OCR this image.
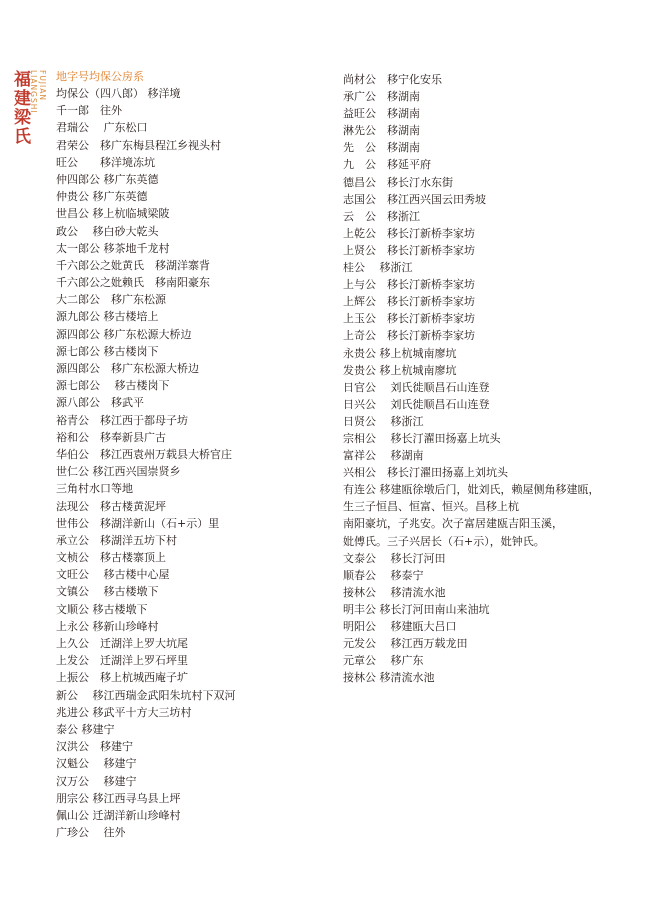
福建梁氏	FUJIAN LIANGSHI	地字号均保公房系
均保公（四八郎） 移洋境
千一郎　往外
君瑞公　 广东松口
君荣公　移广东梅县程江乡视头村
旺公　　移洋境冻坑
仲四郎公 移广东英德
仲贵公 移广东英德
世昌公 移上杭临城梁陂
政公　 移白砂大乾头
太一郎公 移茶地千龙村
千六郎公之妣黄氏　移湖洋寨背
千六郎公之妣赖氏　移南阳豪东
大二郎公　移广东松源
源九郎公 移古楼培上
源四郎公 移广东松源大桥边
源七郎公 移古楼岗下
源四郎公　移广东松源大桥边
源七郎公　 移古楼岗下
源八郎公　移武平
裕青公　移江西于都母子坊
裕和公　移奉新县广古
华伯公　移江西袁州万载县大桥官庄
世仁公 移江西兴国崇贤乡
三角村水口等地
法现公　移古楼黄泥坪
世伟公　移湖洋新山（石+示）里
承立公　移湖洋五坊下村
文桢公　移古楼寨顶上
文旺公　 移古楼中心屋
文镇公　 移古楼墩下
文顺公 移古楼墩下
上永公 移新山珍峰村
上久公　迁湖洋上罗大坑尾
上发公　迁湖洋上罗石坪里
上振公　移上杭城西庵子圹
新公　 移江西瑞金武阳朱坑村下双河
兆进公 移武平十方大三坊村
泰公 移建宁
汉洪公　移建宁
汉魁公　 移建宁
汉万公　 移建宁
朋宗公 移江西寻乌县上坪
佩山公 迁湖洋新山珍峰村
广珍公　 往外
尚材公　移宁化安乐
承广公　移湖南
益旺公　移湖南
淋先公　移湖南
先　公　移湖南
九　公　移延平府
德昌公　移长汀水东街
志国公　移江西兴国云田秀坡
云　公　移浙江
上乾公　移长汀新桥李家坊
上贤公　移长汀新桥李家坊
桂公　 移浙江
上与公　移长汀新桥李家坊
上辉公　移长汀新桥李家坊
上玉公　移长汀新桥李家坊
上奇公　移长汀新桥李家坊
永贵公 移上杭城南廖坑
发贵公 移上杭城南廖坑
日官公　 刘氏徙顺昌石山连登
日兴公　 刘氏徙顺昌石山连登
日贤公　 移浙江
宗相公　 移长汀濯田扬嘉上坑头
富祥公　 移湖南
兴相公　移长汀濯田扬嘉上刘坑头
有连公 移建瓯徐墩后门，妣刘氏，赖屋侧角移建瓯，
生三子恒昌、恒富、恒兴。昌移上杭
南阳豪坑，子兆安。次子富居建瓯吉阳玉溪，
妣傅氏。三子兴居长（石+示），妣钟氏。
文泰公　 移长汀河田
顺春公　 移泰宁
接林公　 移清流水池
明丰公 移长汀河田南山来油坑
明阳公　 移建瓯大吕口
元发公　 移江西万载龙田
元章公　 移广东
接林公 移清流水池
